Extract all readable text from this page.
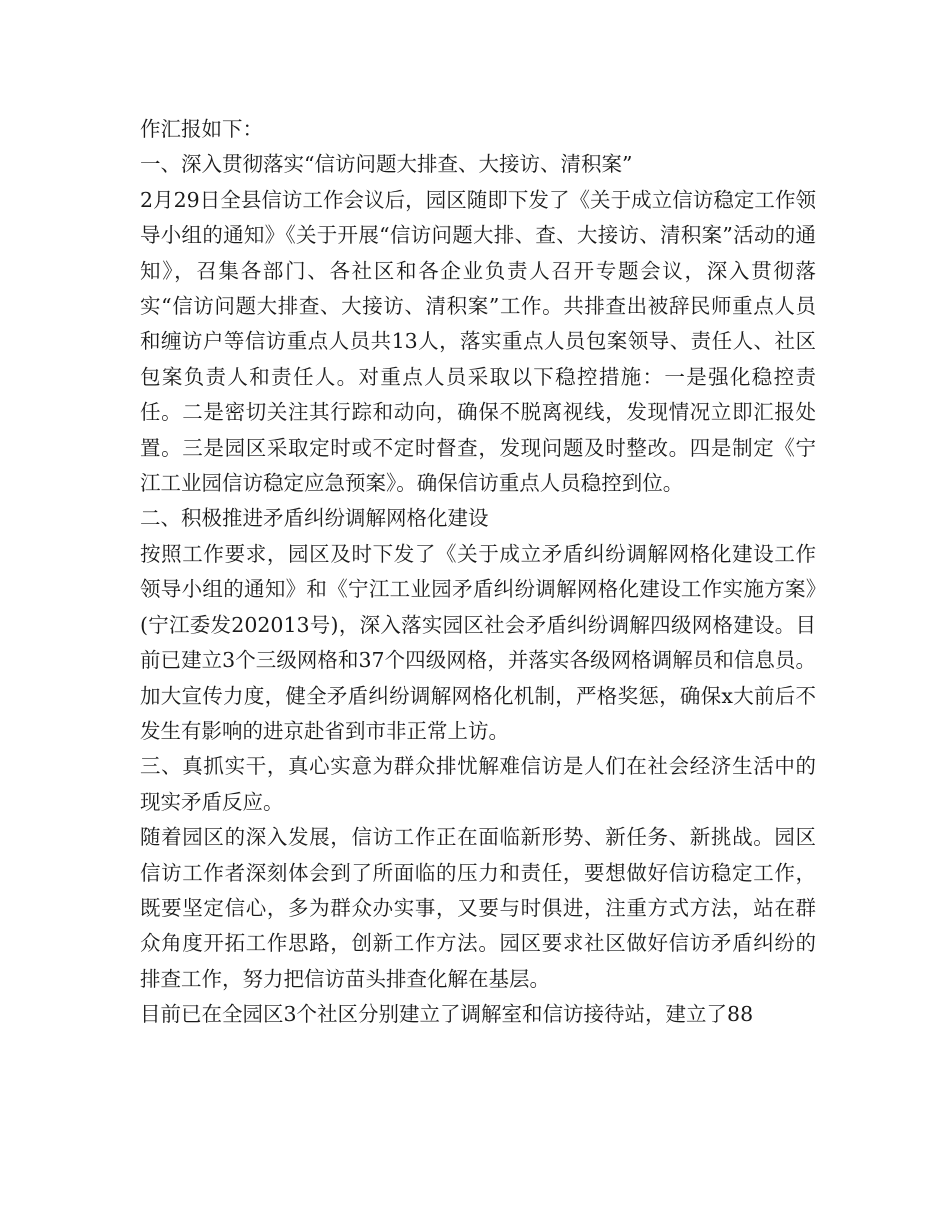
作汇报如下：

一、深入贯彻落实“信访问题大排查、大接访、清积案”

2月29日全县信访工作会议后，园区随即下发了《关于成立信访稳定工作领导小组的通知》《关于开展“信访问题大排、查、大接访、清积案”活动的通知》，召集各部门、各社区和各企业负责人召开专题会议，深入贯彻落实“信访问题大排查、大接访、清积案”工作。共排查出被辞民师重点人员和缠访户等信访重点人员共13人，落实重点人员包案领导、责任人、社区包案负责人和责任人。对重点人员采取以下稳控措施：一是强化稳控责任。二是密切关注其行踪和动向，确保不脱离视线，发现情况立即汇报处置。三是园区采取定时或不定时督查，发现问题及时整改。四是制定《宁江工业园信访稳定应急预案》。确保信访重点人员稳控到位。

二、积极推进矛盾纠纷调解网格化建设

按照工作要求，园区及时下发了《关于成立矛盾纠纷调解网格化建设工作领导小组的通知》和《宁江工业园矛盾纠纷调解网格化建设工作实施方案》(宁江委发202013号)，深入落实园区社会矛盾纠纷调解四级网格建设。目前已建立3个三级网格和37个四级网格，并落实各级网格调解员和信息员。加大宣传力度，健全矛盾纠纷调解网格化机制，严格奖惩，确保x大前后不发生有影响的进京赴省到市非正常上访。

三、真抓实干，真心实意为群众排忧解难信访是人们在社会经济生活中的现实矛盾反应。

随着园区的深入发展，信访工作正在面临新形势、新任务、新挑战。园区信访工作者深刻体会到了所面临的压力和责任，要想做好信访稳定工作，既要坚定信心，多为群众办实事，又要与时俱进，注重方式方法，站在群众角度开拓工作思路，创新工作方法。园区要求社区做好信访矛盾纠纷的排查工作，努力把信访苗头排查化解在基层。

目前已在全园区3个社区分别建立了调解室和信访接待站，建立了88
